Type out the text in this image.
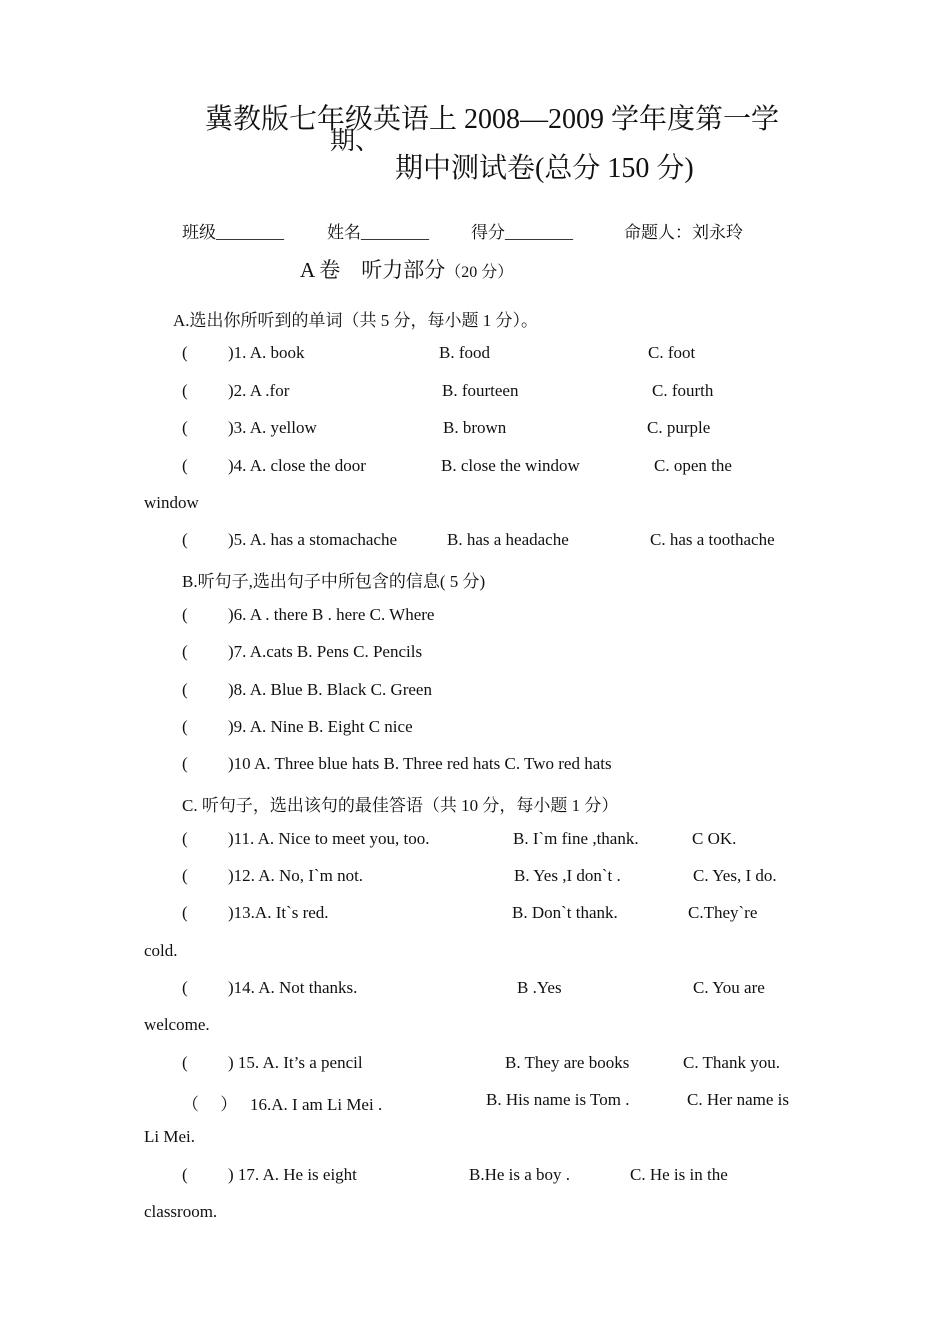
冀教版七年级英语上 2008—2009 学年度第一学
期、
期中测试卷(总分 150 分)
班级________	姓名________ 得分________	命题人：刘永玲
A 卷　听力部分（20 分）
A.选出你所听到的单词（共 5 分，每小题 1 分）。
( )1. A. book	B. food	C. foot
( )2. A .for	B. fourteen	C. fourth
( )3. A. yellow	B. brown	C. purple
( )4. A. close the door	B. close the window	C. open the
window
( )5. A. has a stomachache	B. has a headache	C. has a toothache
B.听句子,选出句子中所包含的信息( 5 分)
( )6. A . there B . here C. Where
( )7. A.cats B. Pens C. Pencils
( )8. A. Blue B. Black C. Green
( )9. A. Nine B. Eight C nice
( )10 A. Three blue hats B. Three red hats C. Two red hats
C. 听句子，选出该句的最佳答语（共 10 分，每小题 1 分）
( )11. A. Nice to meet you, too.	B. I`m fine ,thank.	C OK.
( )12. A. No, I`m not.	B. Yes ,I don`t .	C. Yes, I do.
( )13.A. It`s red.	B. Don`t thank.	C.They`re
cold.
( )14. A. Not thanks.	B .Yes	C. You are
welcome.
( ) 15. A. It’s a pencil	B. They are books	C. Thank you.
（　 ） 16.A. I am Li Mei .	B. His name is Tom .	C. Her name is
Li Mei.
( ) 17. A. He is eight	B.He is a boy .	C. He is in the
classroom.
